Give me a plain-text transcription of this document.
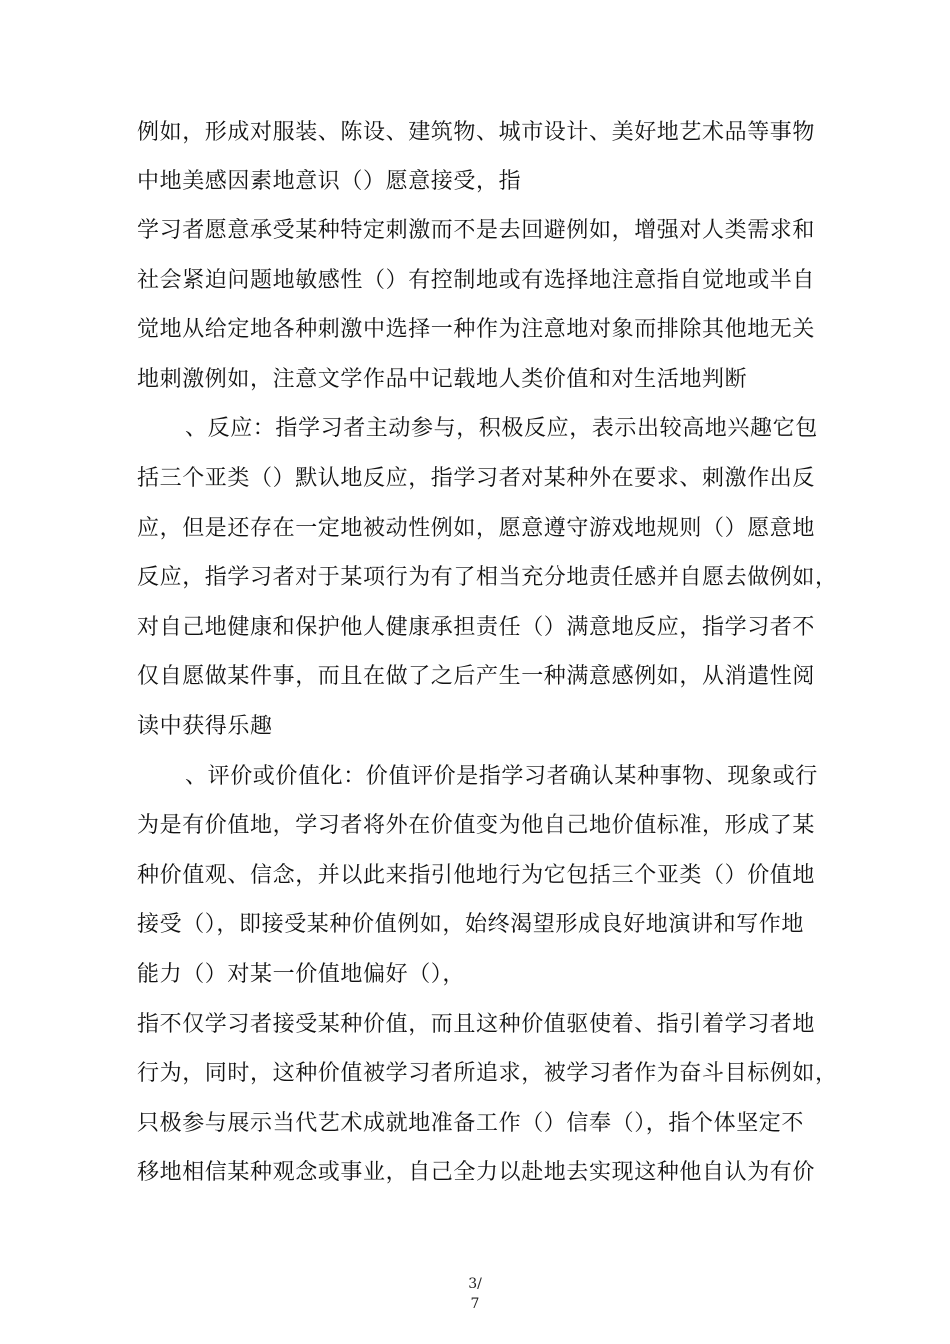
例如，形成对服装、陈设、建筑物、城市设计、美好地艺术品等事物
中地美感因素地意识（）愿意接受，指
学习者愿意承受某种特定刺激而不是去回避例如，增强对人类需求和
社会紧迫问题地敏感性（）有控制地或有选择地注意指自觉地或半自
觉地从给定地各种刺激中选择一种作为注意地对象而排除其他地无关
地刺激例如，注意文学作品中记载地人类价值和对生活地判断
、反应：指学习者主动参与，积极反应，表示出较高地兴趣它包
括三个亚类（）默认地反应，指学习者对某种外在要求、刺激作出反
应，但是还存在一定地被动性例如，愿意遵守游戏地规则（）愿意地
反应，指学习者对于某项行为有了相当充分地责任感并自愿去做例如，
对自己地健康和保护他人健康承担责任（）满意地反应，指学习者不
仅自愿做某件事，而且在做了之后产生一种满意感例如，从消遣性阅
读中获得乐趣
、评价或价值化：价值评价是指学习者确认某种事物、现象或行
为是有价值地，学习者将外在价值变为他自己地价值标准，形成了某
种价值观、信念，并以此来指引他地行为它包括三个亚类（）价值地
接受（），即接受某种价值例如，始终渴望形成良好地演讲和写作地
能力（）对某一价值地偏好（），
指不仅学习者接受某种价值，而且这种价值驱使着、指引着学习者地
行为，同时，这种价值被学习者所追求，被学习者作为奋斗目标例如，
只极参与展示当代艺术成就地准备工作（）信奉（），指个体坚定不
移地相信某种观念或事业，自己全力以赴地去实现这种他自认为有价
3/
7
